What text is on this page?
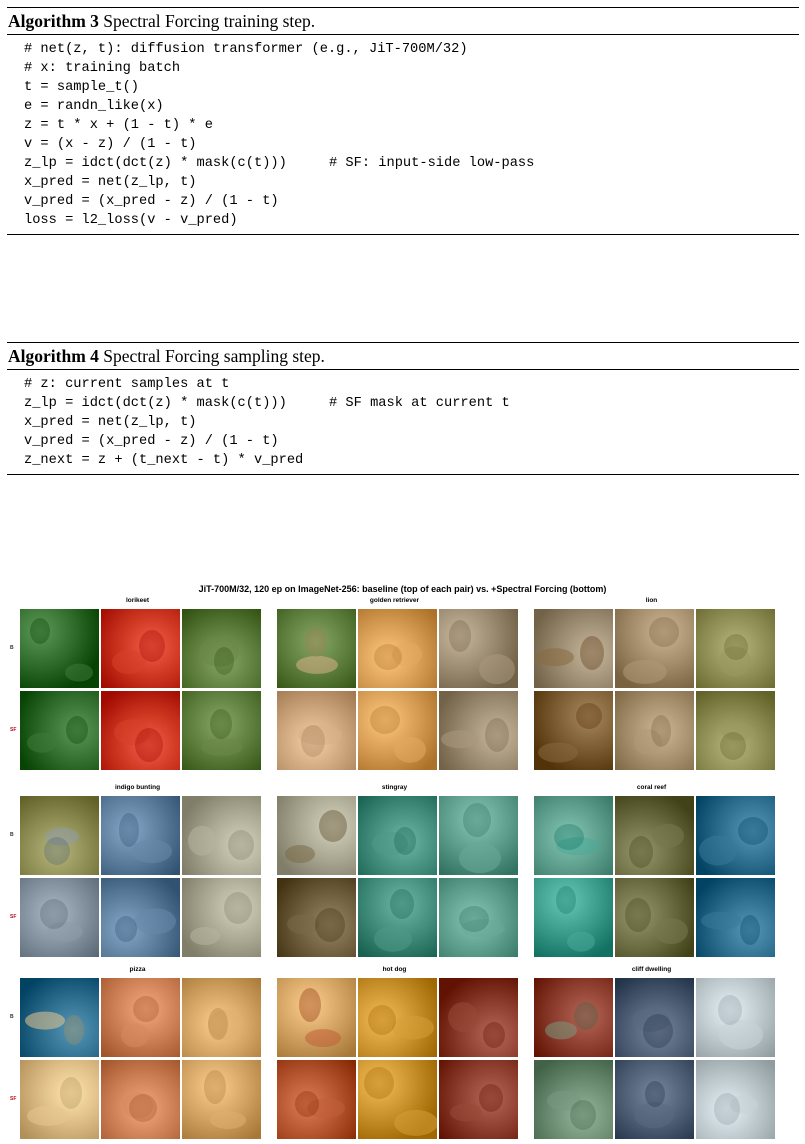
Algorithm 3 Spectral Forcing training step.
# net(z, t): diffusion transformer (e.g., JiT-700M/32)
# x: training batch
t = sample_t()
e = randn_like(x)
z = t * x + (1 - t) * e
v = (x - z) / (1 - t)
z_lp = idct(dct(z) * mask(c(t)))	# SF: input-side low-pass
x_pred = net(z_lp, t)
v_pred = (x_pred - z) / (1 - t)
loss = l2_loss(v - v_pred)
Algorithm 4 Spectral Forcing sampling step.
# z: current samples at t
z_lp = idct(dct(z) * mask(c(t)))	# SF mask at current t
x_pred = net(z_lp, t)
v_pred = (x_pred - z) / (1 - t)
z_next = z + (t_next - t) * v_pred
JiT-700M/32, 120 ep on ImageNet-256: baseline (top of each pair) vs. +Spectral Forcing (bottom)
lorikeet
B
SF
golden retriever	lion
indigo bunting
B
SF
stingray	coral reef
pizza
B
SF
hot dog	cliff dwelling
